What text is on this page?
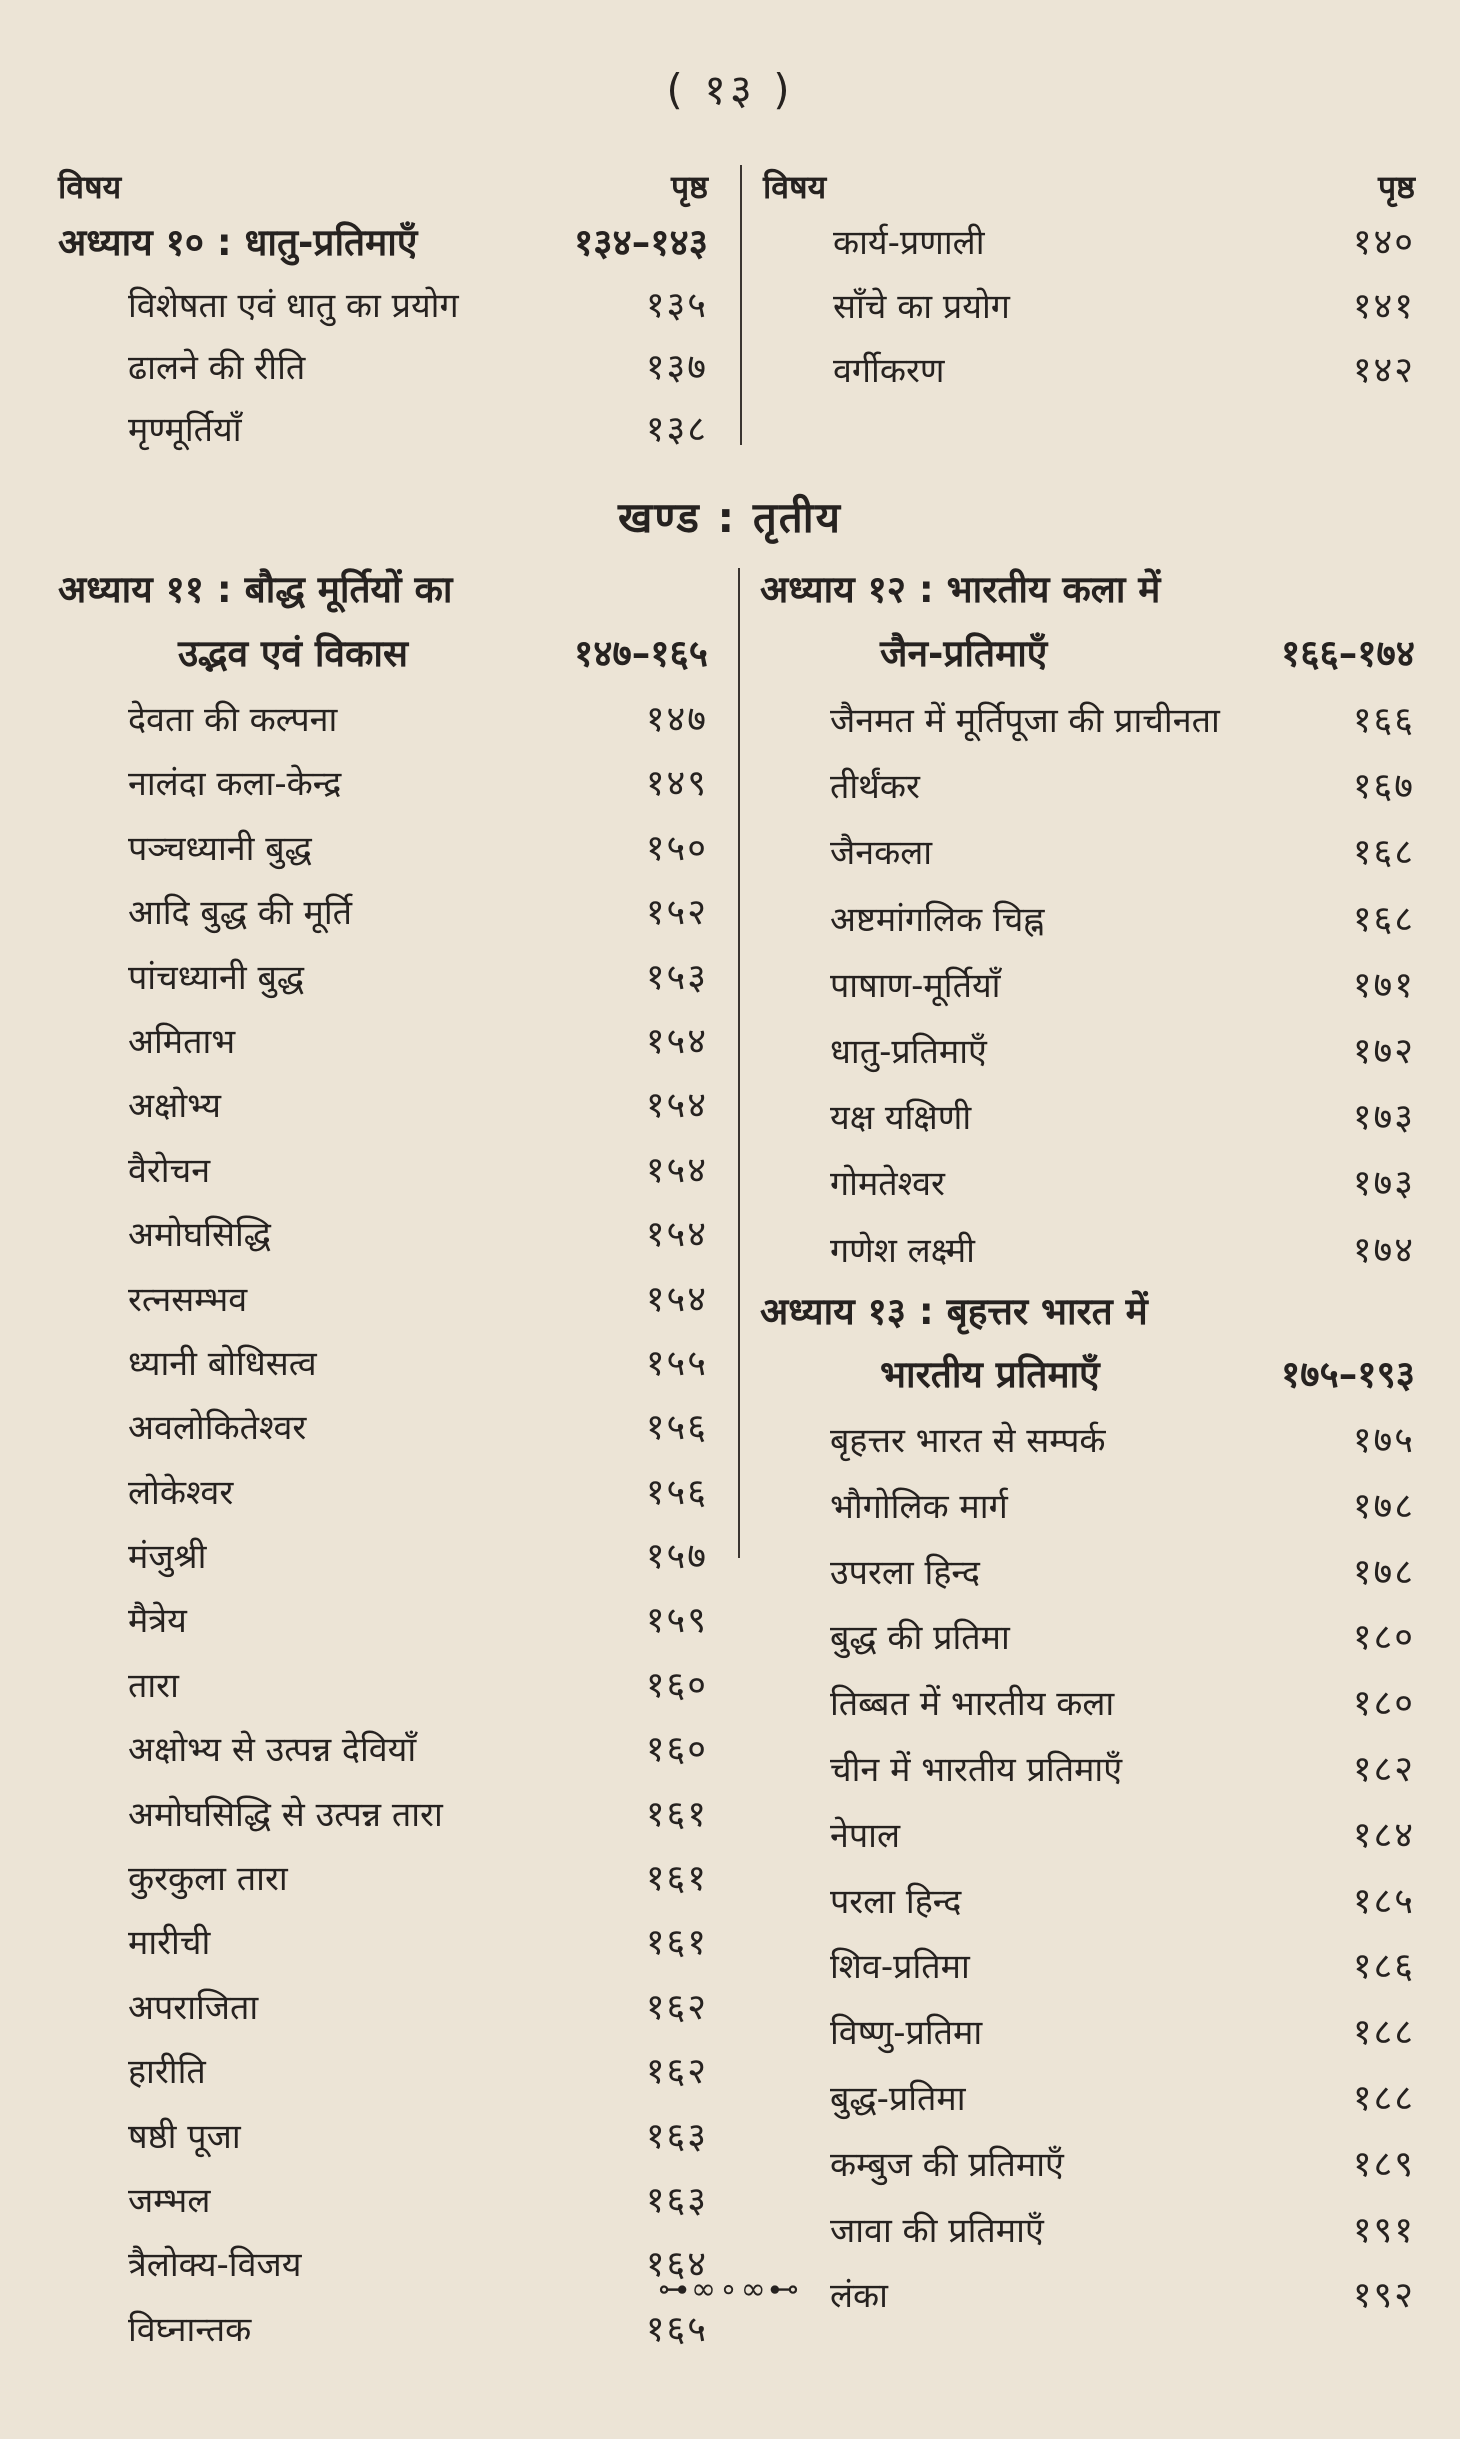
( १३ )
विषय	पृष्ठ
अध्याय १० : धातु-प्रतिमाएँ	१३४–१४३
विशेषता एवं धातु का प्रयोग	१३५
ढालने की रीति	१३७
मृण्मूर्तियाँ	१३८
विषय	पृष्ठ
कार्य-प्रणाली	१४०
साँचे का प्रयोग	१४१
वर्गीकरण	१४२
खण्ड : तृतीय
अध्याय ११ : बौद्ध मूर्तियों का
उद्भव एवं विकास	१४७–१६५
देवता की कल्पना	१४७
नालंदा कला-केन्द्र	१४९
पञ्चध्यानी बुद्ध	१५०
आदि बुद्ध की मूर्ति	१५२
पांचध्यानी बुद्ध	१५३
अमिताभ	१५४
अक्षोभ्य	१५४
वैरोचन	१५४
अमोघसिद्धि	१५४
रत्नसम्भव	१५४
ध्यानी बोधिसत्व	१५५
अवलोकितेश्वर	१५६
लोकेश्वर	१५६
मंजुश्री	१५७
मैत्रेय	१५९
तारा	१६०
अक्षोभ्य से उत्पन्न देवियाँ	१६०
अमोघसिद्धि से उत्पन्न तारा	१६१
कुरकुला तारा	१६१
मारीची	१६१
अपराजिता	१६२
हारीति	१६२
षष्ठी पूजा	१६३
जम्भल	१६३
त्रैलोक्य-विजय	१६४
विघ्नान्तक	१६५
अध्याय १२ : भारतीय कला में
जैन-प्रतिमाएँ	१६६–१७४
जैनमत में मूर्तिपूजा की प्राचीनता	१६६
तीर्थंकर	१६७
जैनकला	१६८
अष्टमांगलिक चिह्न	१६८
पाषाण-मूर्तियाँ	१७१
धातु-प्रतिमाएँ	१७२
यक्ष यक्षिणी	१७३
गोमतेश्वर	१७३
गणेश लक्ष्मी	१७४
अध्याय १३ : बृहत्तर भारत में
भारतीय प्रतिमाएँ	१७५–१९३
बृहत्तर भारत से सम्पर्क	१७५
भौगोलिक मार्ग	१७८
उपरला हिन्द	१७८
बुद्ध की प्रतिमा	१८०
तिब्बत में भारतीय कला	१८०
चीन में भारतीय प्रतिमाएँ	१८२
नेपाल	१८४
परला हिन्द	१८५
शिव-प्रतिमा	१८६
विष्णु-प्रतिमा	१८८
बुद्ध-प्रतिमा	१८८
कम्बुज की प्रतिमाएँ	१८९
जावा की प्रतिमाएँ	१९१
लंका	१९२
⊶∞∘∞⊷
